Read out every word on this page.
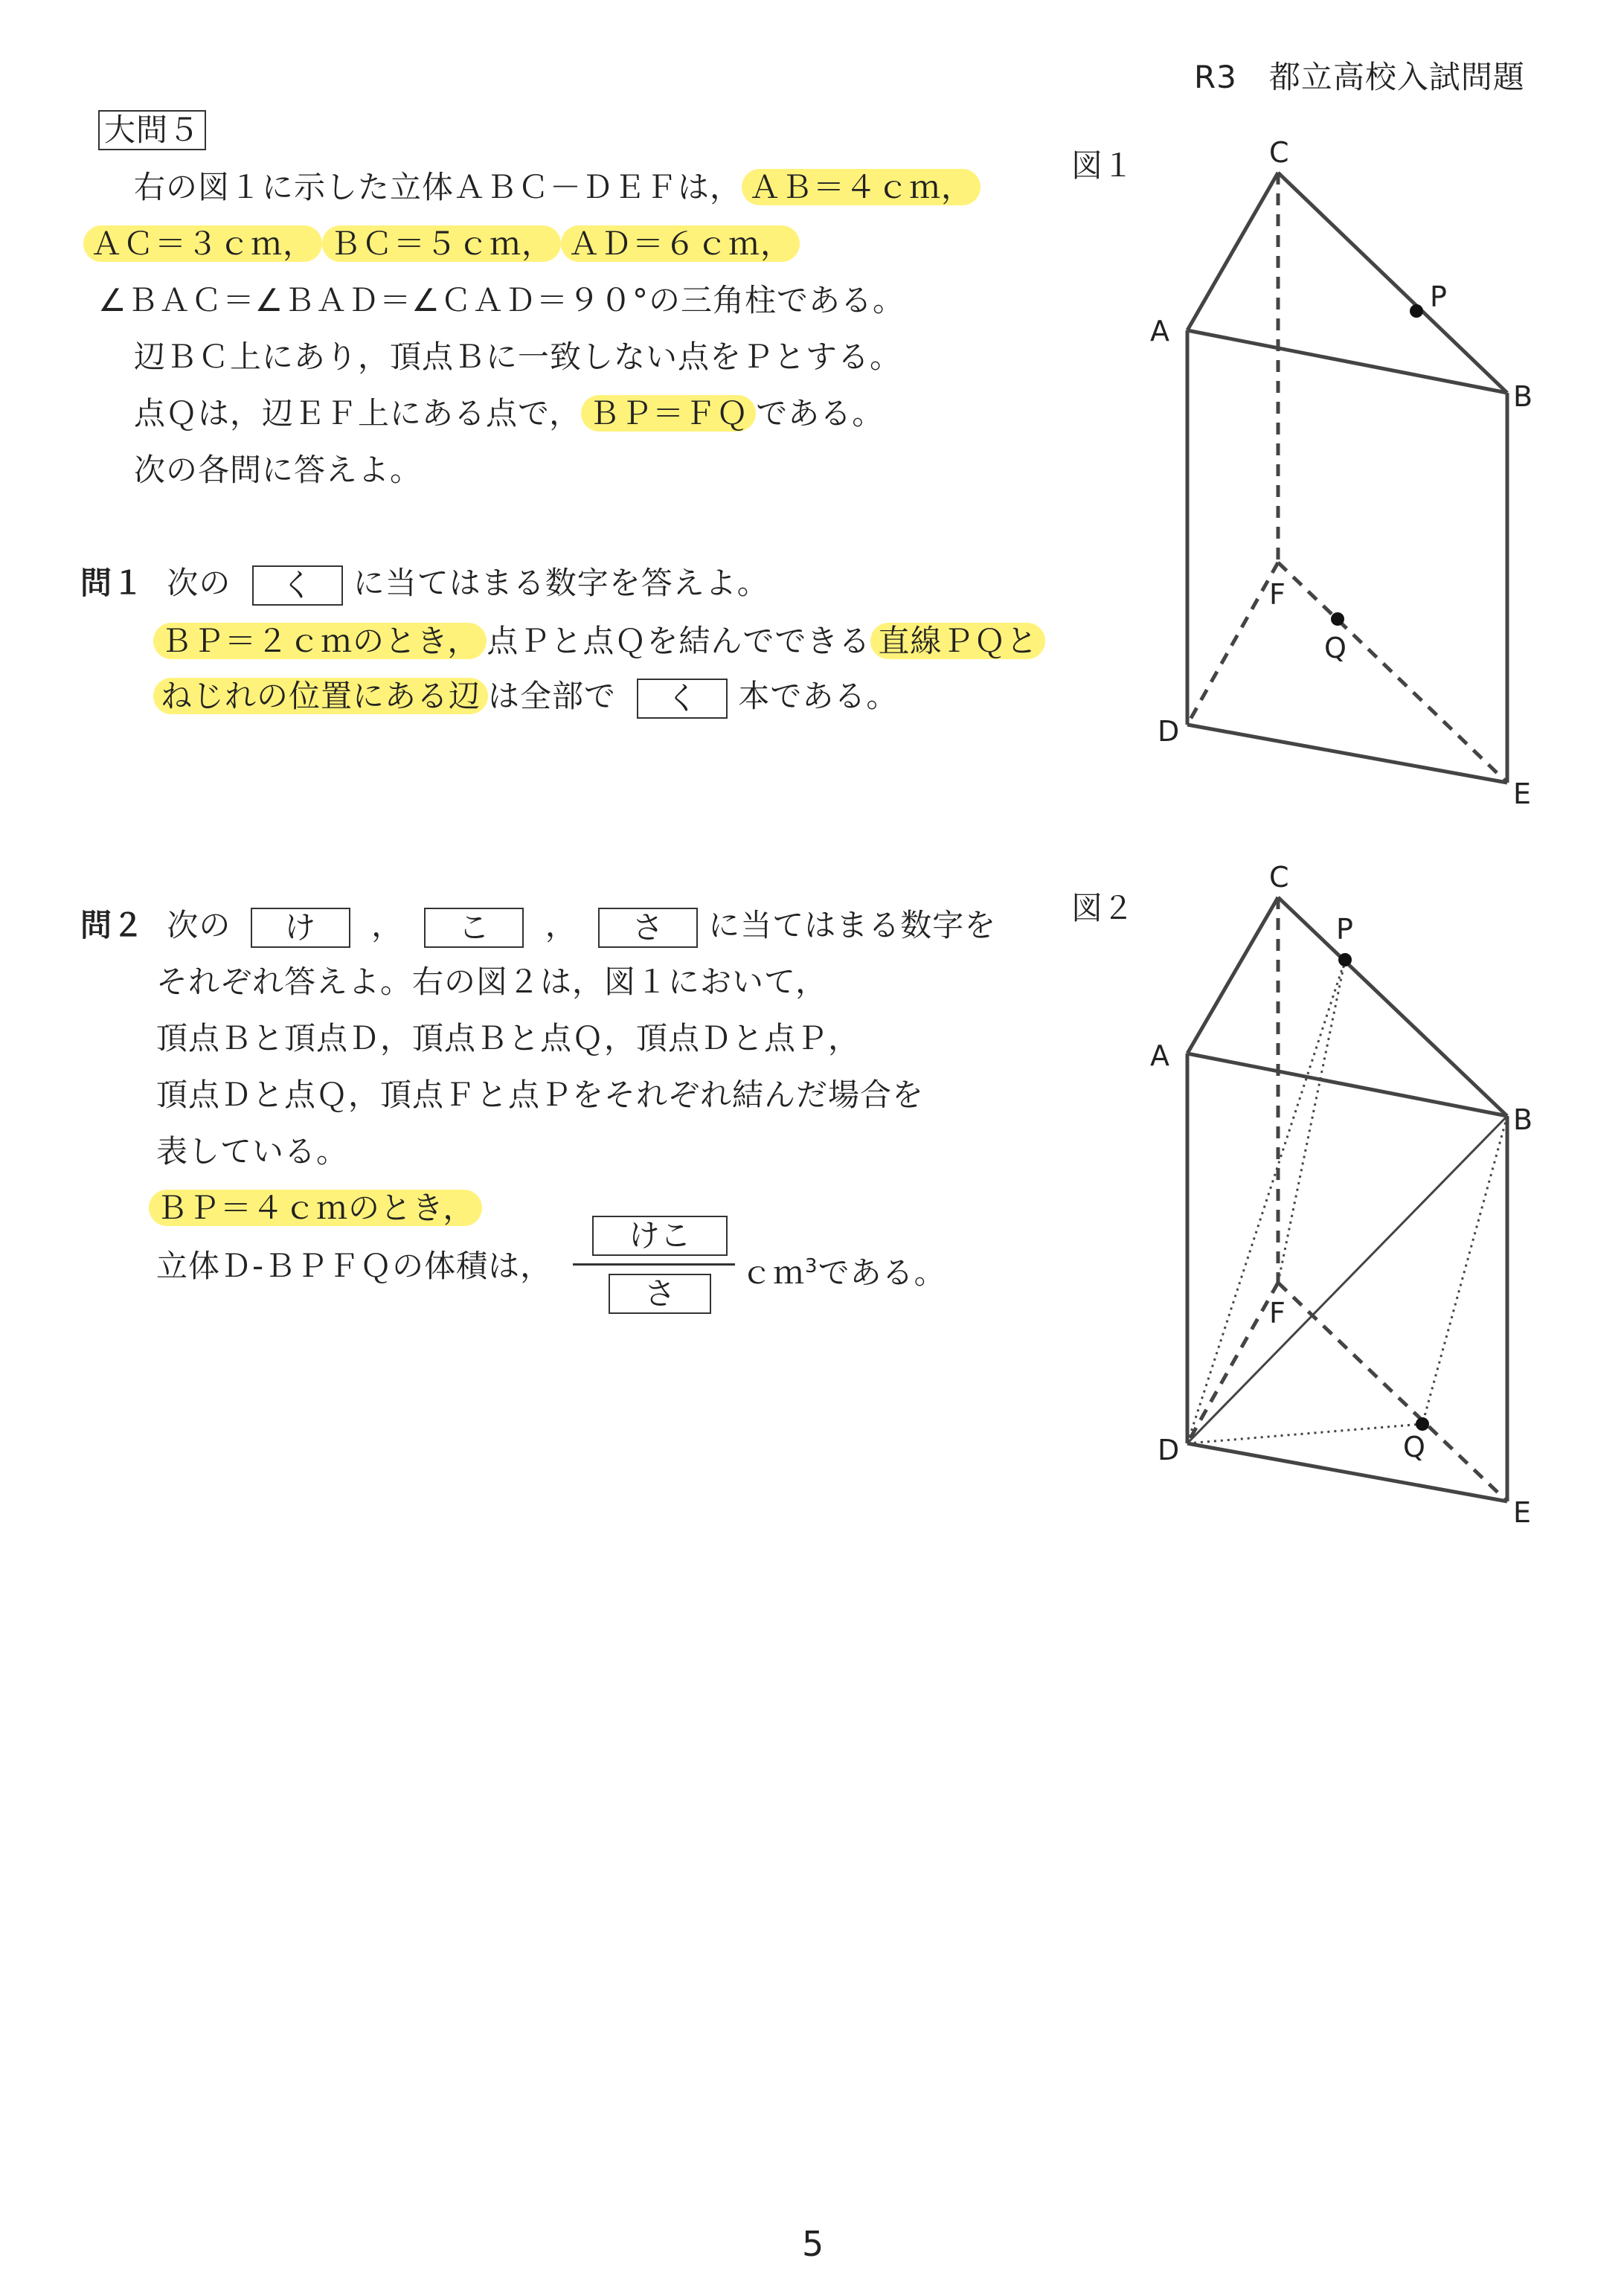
R3　都立高校入試問題
大問５
右の図１に示した立体ＡＢＣ－ＤＥＦは， ＡＢ＝４ｃｍ，
ＡＣ＝３ｃｍ， ＢＣ＝５ｃｍ， ＡＤ＝６ｃｍ，
∠ＢＡＣ＝∠ＢＡＤ＝∠ＣＡＤ＝９０°の三角柱である。
辺ＢＣ上にあり，頂点Ｂに一致しない点をＰとする。
点Ｑは，辺ＥＦ上にある点で， ＢＰ＝ＦＱ である。
次の各問に答えよ。
問１ 次の く に当てはまる数字を答えよ。
ＢＰ＝２ｃｍのとき， 点Ｐと点Ｑを結んでできる 直線ＰＱと
ねじれの位置にある辺 は全部で く 本である。
問２ 次の け ， こ ， さ に当てはまる数字を
それぞれ答えよ。右の図２は，図１において，
頂点Ｂと頂点Ｄ，頂点Ｂと点Ｑ，頂点Ｄと点Ｐ，
頂点Ｄと点Ｑ，頂点Ｆと点Ｐをそれぞれ結んだ場合を
表している。
ＢＰ＝４ｃｍのとき，
立体Ｄ-ＢＰＦＱの体積は，
けこ
さ
ｃｍ$^3$である。
図１	C
P
A
B
F
Q
D
E
図２
C
P
A
B
F
D	Q
E
5
